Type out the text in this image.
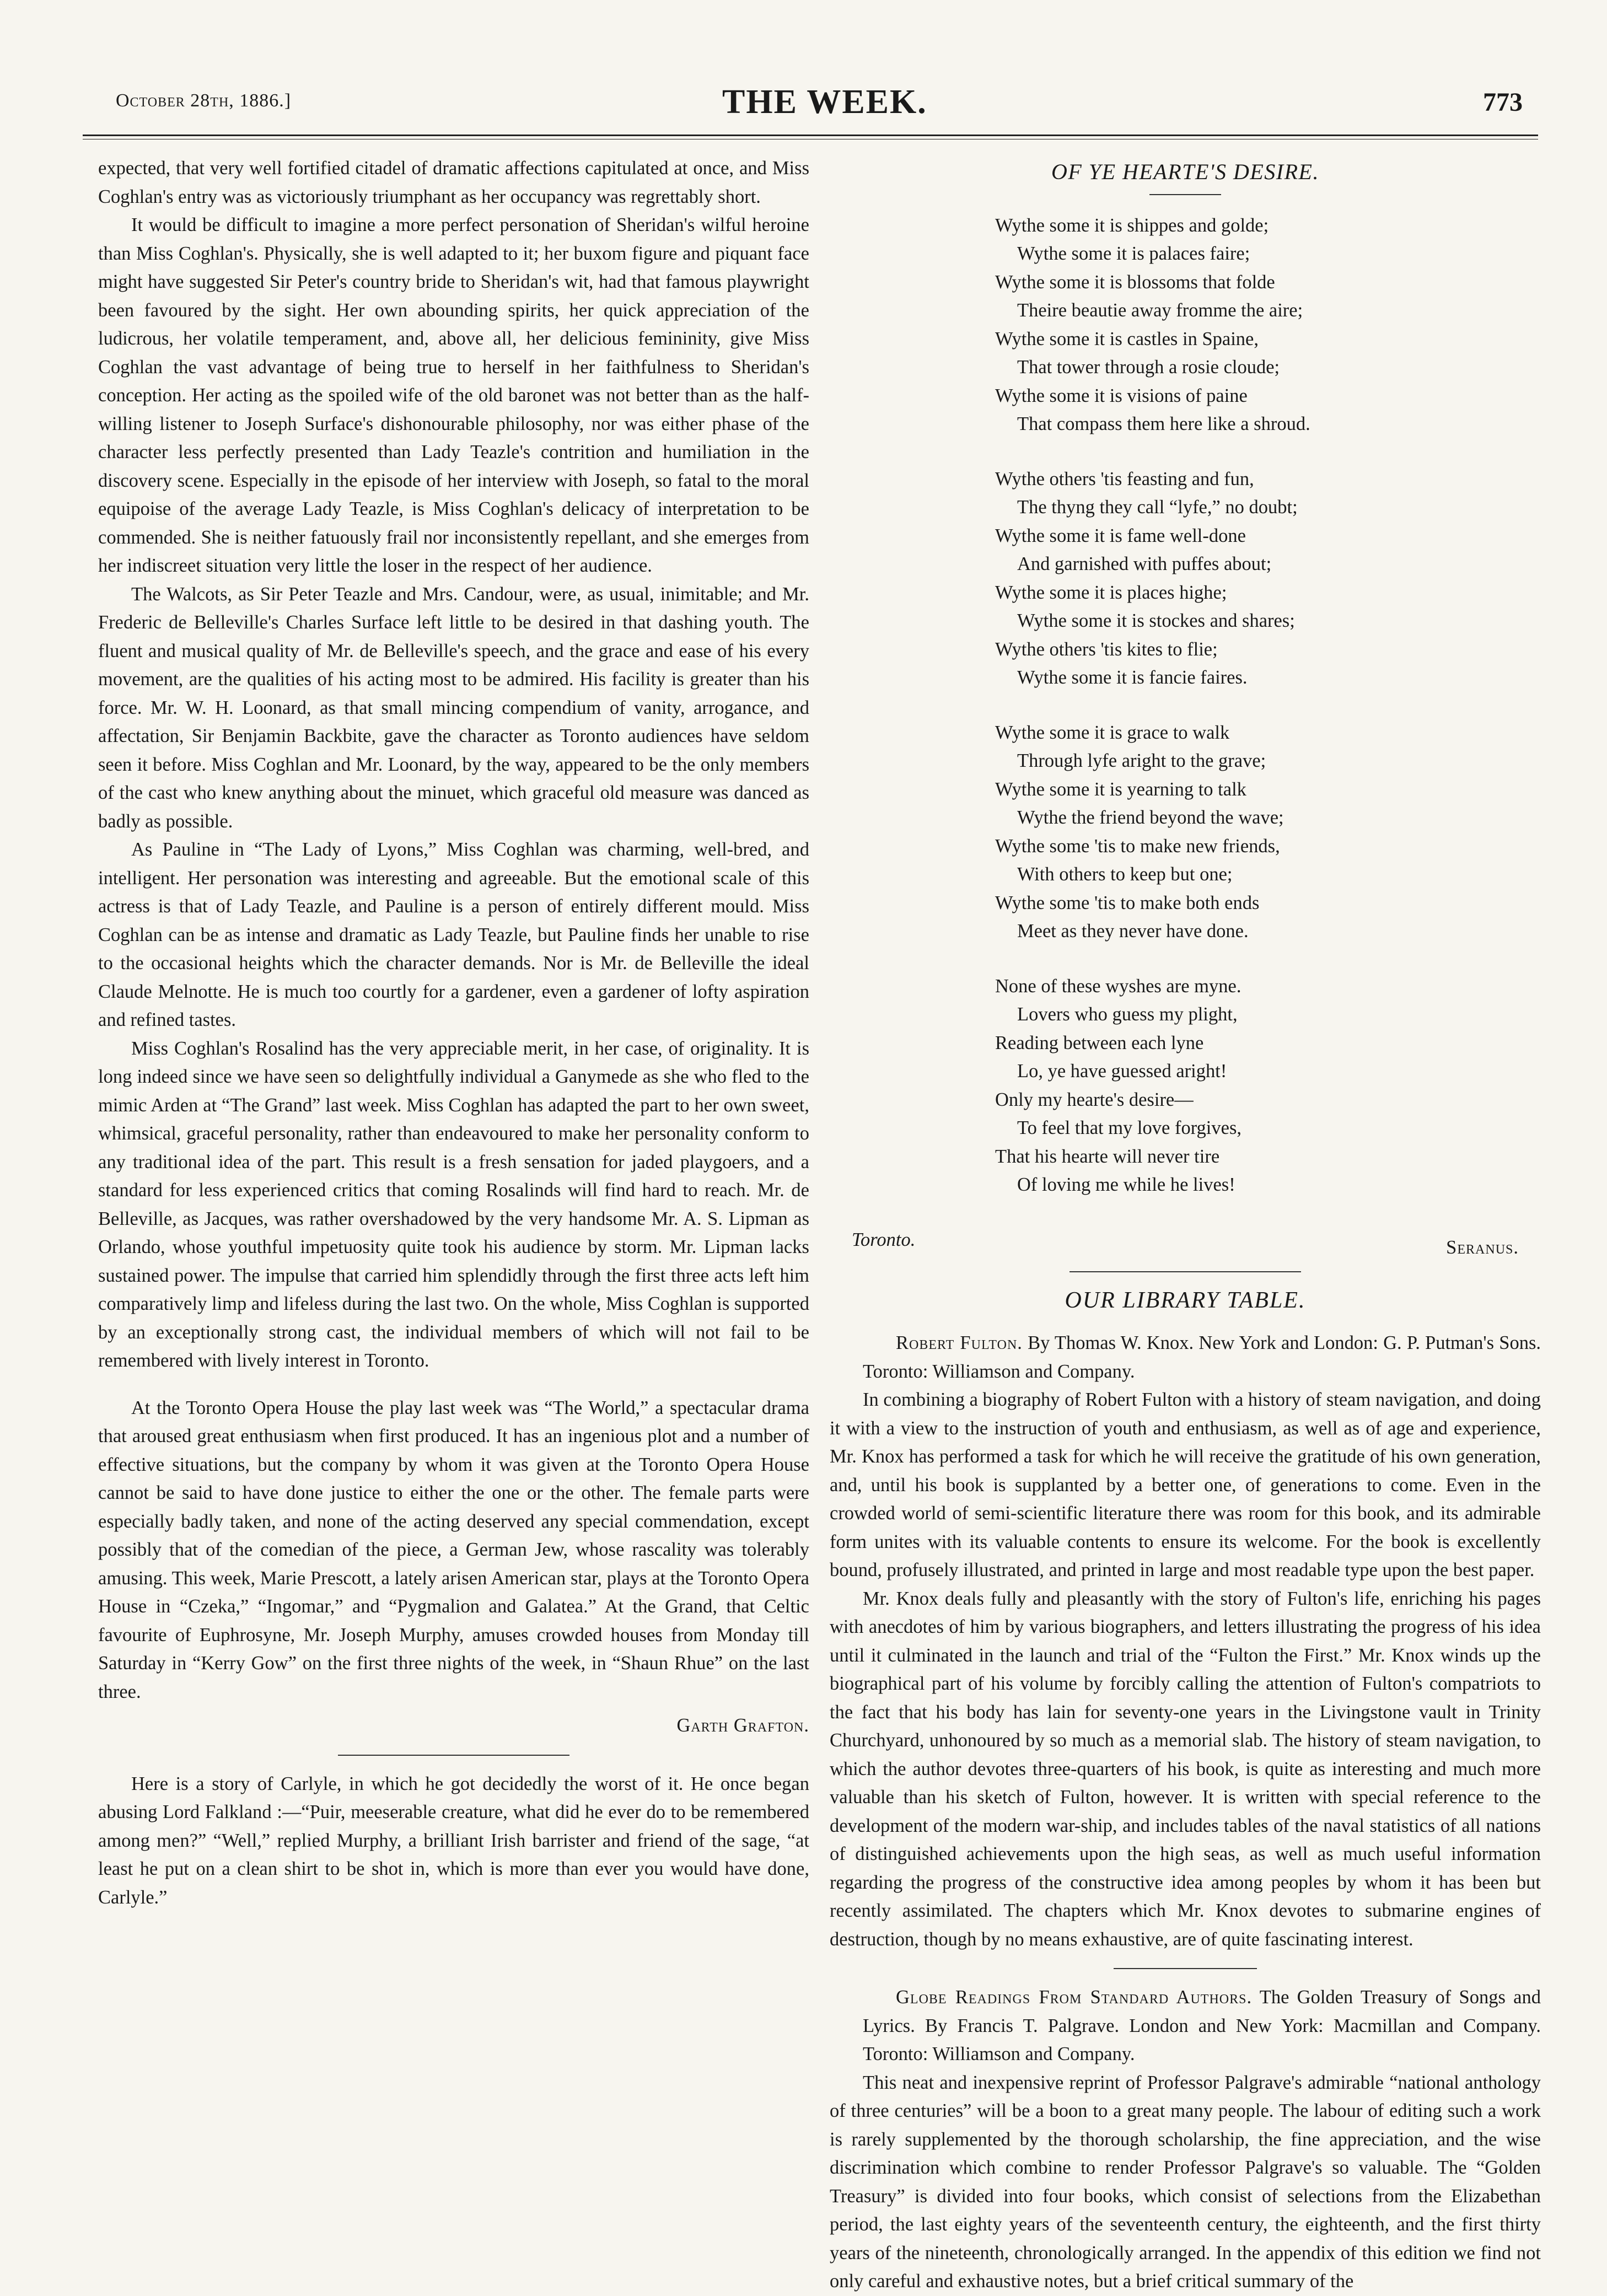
October 28th, 1886.]	THE WEEK.	773

expected, that very well fortified citadel of dramatic affections capitulated at once, and Miss Coghlan's entry was as victoriously triumphant as her occupancy was regrettably short.

It would be difficult to imagine a more perfect personation of Sheridan's wilful heroine than Miss Coghlan's. Physically, she is well adapted to it; her buxom figure and piquant face might have suggested Sir Peter's country bride to Sheridan's wit, had that famous playwright been favoured by the sight. Her own abounding spirits, her quick appreciation of the ludicrous, her volatile temperament, and, above all, her delicious femininity, give Miss Coghlan the vast advantage of being true to herself in her faithfulness to Sheridan's conception. Her acting as the spoiled wife of the old baronet was not better than as the half-willing listener to Joseph Surface's dishonourable philosophy, nor was either phase of the character less perfectly presented than Lady Teazle's contrition and humiliation in the discovery scene. Especially in the episode of her interview with Joseph, so fatal to the moral equipoise of the average Lady Teazle, is Miss Coghlan's delicacy of interpretation to be commended. She is neither fatuously frail nor inconsistently repellant, and she emerges from her indiscreet situation very little the loser in the respect of her audience.

The Walcots, as Sir Peter Teazle and Mrs. Candour, were, as usual, inimitable; and Mr. Frederic de Belleville's Charles Surface left little to be desired in that dashing youth. The fluent and musical quality of Mr. de Belleville's speech, and the grace and ease of his every movement, are the qualities of his acting most to be admired. His facility is greater than his force. Mr. W. H. Loonard, as that small mincing compendium of vanity, arrogance, and affectation, Sir Benjamin Backbite, gave the character as Toronto audiences have seldom seen it before. Miss Coghlan and Mr. Loonard, by the way, appeared to be the only members of the cast who knew anything about the minuet, which graceful old measure was danced as badly as possible.

As Pauline in “The Lady of Lyons,” Miss Coghlan was charming, well-bred, and intelligent. Her personation was interesting and agreeable. But the emotional scale of this actress is that of Lady Teazle, and Pauline is a person of entirely different mould. Miss Coghlan can be as intense and dramatic as Lady Teazle, but Pauline finds her unable to rise to the occasional heights which the character demands. Nor is Mr. de Belleville the ideal Claude Melnotte. He is much too courtly for a gardener, even a gardener of lofty aspiration and refined tastes.

Miss Coghlan's Rosalind has the very appreciable merit, in her case, of originality. It is long indeed since we have seen so delightfully individual a Ganymede as she who fled to the mimic Arden at “The Grand” last week. Miss Coghlan has adapted the part to her own sweet, whimsical, graceful personality, rather than endeavoured to make her personality conform to any traditional idea of the part. This result is a fresh sensation for jaded playgoers, and a standard for less experienced critics that coming Rosalinds will find hard to reach. Mr. de Belleville, as Jacques, was rather overshadowed by the very handsome Mr. A. S. Lipman as Orlando, whose youthful impetuosity quite took his audience by storm. Mr. Lipman lacks sustained power. The impulse that carried him splendidly through the first three acts left him comparatively limp and lifeless during the last two. On the whole, Miss Coghlan is supported by an exceptionally strong cast, the individual members of which will not fail to be remembered with lively interest in Toronto.

At the Toronto Opera House the play last week was “The World,” a spectacular drama that aroused great enthusiasm when first produced. It has an ingenious plot and a number of effective situations, but the company by whom it was given at the Toronto Opera House cannot be said to have done justice to either the one or the other. The female parts were especially badly taken, and none of the acting deserved any special commendation, except possibly that of the comedian of the piece, a German Jew, whose rascality was tolerably amusing. This week, Marie Prescott, a lately arisen American star, plays at the Toronto Opera House in “Czeka,” “Ingomar,” and “Pygmalion and Galatea.” At the Grand, that Celtic favourite of Euphrosyne, Mr. Joseph Murphy, amuses crowded houses from Monday till Saturday in “Kerry Gow” on the first three nights of the week, in “Shaun Rhue” on the last three.

Garth Grafton.

Here is a story of Carlyle, in which he got decidedly the worst of it. He once began abusing Lord Falkland :—“Puir, meeserable creature, what did he ever do to be remembered among men?” “Well,” replied Murphy, a brilliant Irish barrister and friend of the sage, “at least he put on a clean shirt to be shot in, which is more than ever you would have done, Carlyle.”

OF YE HEARTE'S DESIRE.
Wythe some it is shippes and golde;
Wythe some it is palaces faire;
Wythe some it is blossoms that folde
Theire beautie away fromme the aire;
Wythe some it is castles in Spaine,
That tower through a rosie cloude;
Wythe some it is visions of paine
That compass them here like a shroud.
Wythe others 'tis feasting and fun,
The thyng they call “lyfe,” no doubt;
Wythe some it is fame well-done
And garnished with puffes about;
Wythe some it is places highe;
Wythe some it is stockes and shares;
Wythe others 'tis kites to flie;
Wythe some it is fancie faires.
Wythe some it is grace to walk
Through lyfe aright to the grave;
Wythe some it is yearning to talk
Wythe the friend beyond the wave;
Wythe some 'tis to make new friends,
With others to keep but one;
Wythe some 'tis to make both ends
Meet as they never have done.
None of these wyshes are myne.
Lovers who guess my plight,
Reading between each lyne
Lo, ye have guessed aright!
Only my hearte's desire—
To feel that my love forgives,
That his hearte will never tire
Of loving me while he lives!
Toronto.	Seranus.
OUR LIBRARY TABLE.

Robert Fulton. By Thomas W. Knox. New York and London: G. P. Putman's Sons. Toronto: Williamson and Company.

In combining a biography of Robert Fulton with a history of steam navigation, and doing it with a view to the instruction of youth and enthusiasm, as well as of age and experience, Mr. Knox has performed a task for which he will receive the gratitude of his own generation, and, until his book is supplanted by a better one, of generations to come. Even in the crowded world of semi-scientific literature there was room for this book, and its admirable form unites with its valuable contents to ensure its welcome. For the book is excellently bound, profusely illustrated, and printed in large and most readable type upon the best paper.

Mr. Knox deals fully and pleasantly with the story of Fulton's life, enriching his pages with anecdotes of him by various biographers, and letters illustrating the progress of his idea until it culminated in the launch and trial of the “Fulton the First.” Mr. Knox winds up the biographical part of his volume by forcibly calling the attention of Fulton's compatriots to the fact that his body has lain for seventy-one years in the Livingstone vault in Trinity Churchyard, unhonoured by so much as a memorial slab. The history of steam navigation, to which the author devotes three-quarters of his book, is quite as interesting and much more valuable than his sketch of Fulton, however. It is written with special reference to the development of the modern war-ship, and includes tables of the naval statistics of all nations of distinguished achievements upon the high seas, as well as much useful information regarding the progress of the constructive idea among peoples by whom it has been but recently assimilated. The chapters which Mr. Knox devotes to submarine engines of destruction, though by no means exhaustive, are of quite fascinating interest.

Globe Readings From Standard Authors. The Golden Treasury of Songs and Lyrics. By Francis T. Palgrave. London and New York: Macmillan and Company. Toronto: Williamson and Company.

This neat and inexpensive reprint of Professor Palgrave's admirable “national anthology of three centuries” will be a boon to a great many people. The labour of editing such a work is rarely supplemented by the thorough scholarship, the fine appreciation, and the wise discrimination which combine to render Professor Palgrave's so valuable. The “Golden Treasury” is divided into four books, which consist of selections from the Elizabethan period, the last eighty years of the seventeenth century, the eighteenth, and the first thirty years of the nineteenth, chronologically arranged. In the appendix of this edition we find not only careful and exhaustive notes, but a brief critical summary of the
